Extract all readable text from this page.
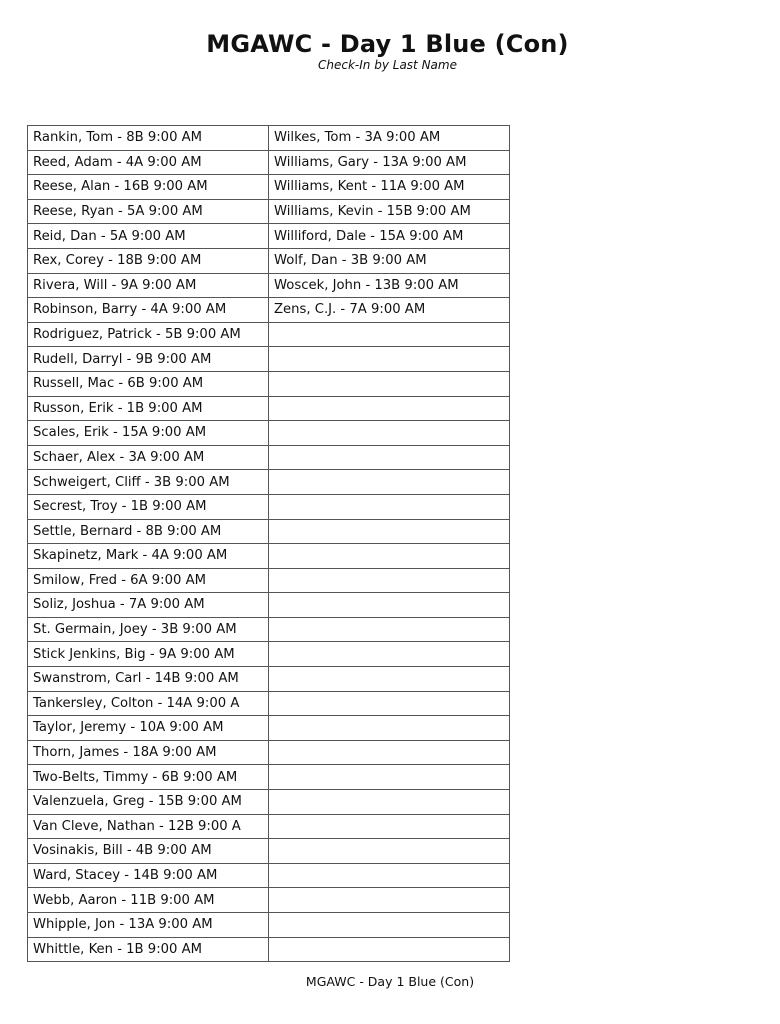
MGAWC - Day 1 Blue (Con)
Check-In by Last Name
Rankin, Tom - 8B 9:00 AM	Wilkes, Tom - 3A 9:00 AM
Reed, Adam - 4A 9:00 AM	Williams, Gary - 13A 9:00 AM
Reese, Alan - 16B 9:00 AM	Williams, Kent - 11A 9:00 AM
Reese, Ryan - 5A 9:00 AM	Williams, Kevin - 15B 9:00 AM
Reid, Dan - 5A 9:00 AM	Williford, Dale - 15A 9:00 AM
Rex, Corey - 18B 9:00 AM	Wolf, Dan - 3B 9:00 AM
Rivera, Will - 9A 9:00 AM	Woscek, John - 13B 9:00 AM
Robinson, Barry - 4A 9:00 AM	Zens, C.J. - 7A 9:00 AM
Rodriguez, Patrick - 5B 9:00 AM	
Rudell, Darryl - 9B 9:00 AM	
Russell, Mac - 6B 9:00 AM	
Russon, Erik - 1B 9:00 AM	
Scales, Erik - 15A 9:00 AM	
Schaer, Alex - 3A 9:00 AM	
Schweigert, Cliff - 3B 9:00 AM	
Secrest, Troy - 1B 9:00 AM	
Settle, Bernard - 8B 9:00 AM	
Skapinetz, Mark - 4A 9:00 AM	
Smilow, Fred - 6A 9:00 AM	
Soliz, Joshua - 7A 9:00 AM	
St. Germain, Joey - 3B 9:00 AM	
Stick Jenkins, Big - 9A 9:00 AM	
Swanstrom, Carl - 14B 9:00 AM	
Tankersley, Colton - 14A 9:00 A	
Taylor, Jeremy - 10A 9:00 AM	
Thorn, James - 18A 9:00 AM	
Two-Belts, Timmy - 6B 9:00 AM	
Valenzuela, Greg - 15B 9:00 AM	
Van Cleve, Nathan - 12B 9:00 A	
Vosinakis, Bill - 4B 9:00 AM	
Ward, Stacey - 14B 9:00 AM	
Webb, Aaron - 11B 9:00 AM	
Whipple, Jon - 13A 9:00 AM	
Whittle, Ken - 1B 9:00 AM	
MGAWC - Day 1 Blue (Con)
